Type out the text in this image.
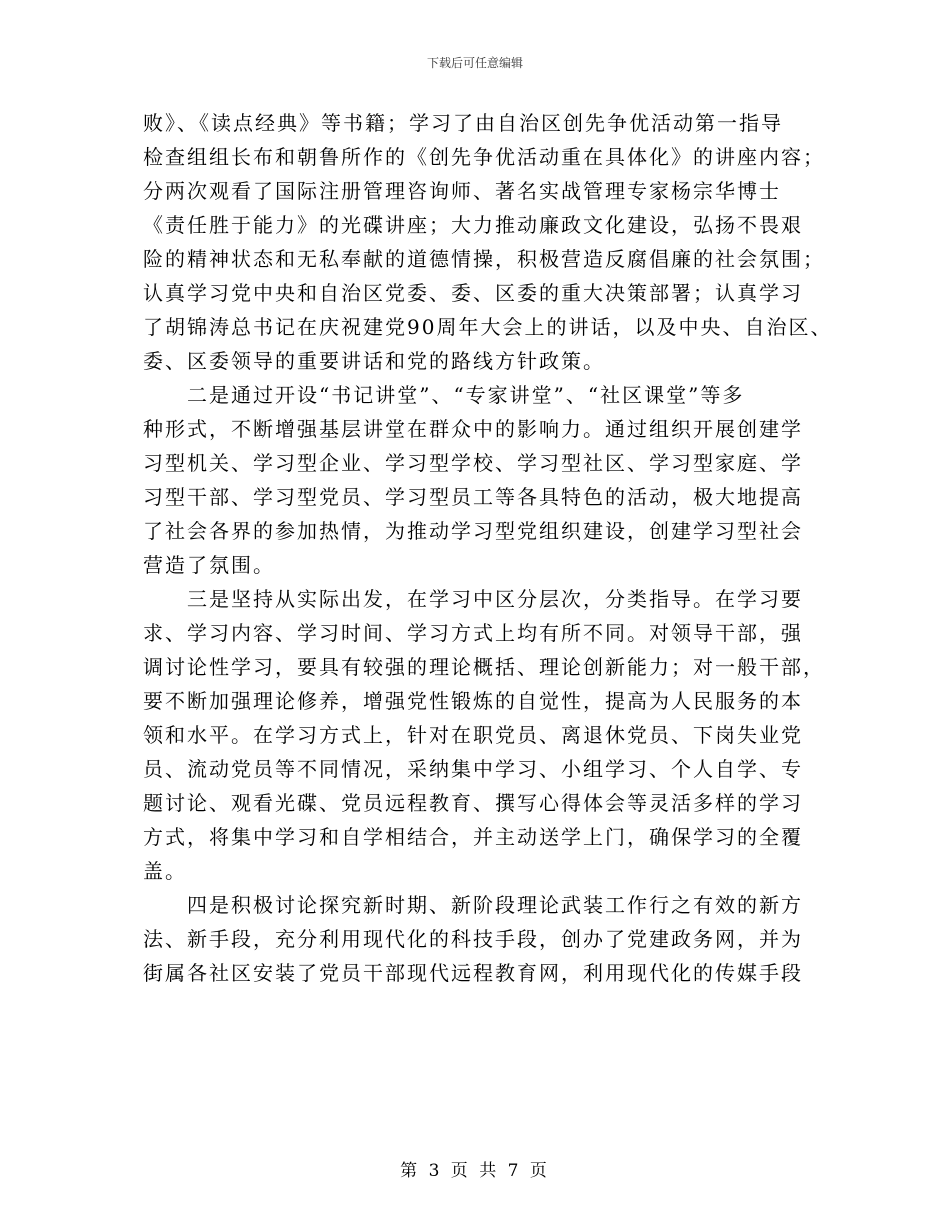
下载后可任意编辑
败》、《读点经典》等书籍；学习了由自治区创先争优活动第一指导
检查组组长布和朝鲁所作的《创先争优活动重在具体化》的讲座内容；
分两次观看了国际注册管理咨询师、著名实战管理专家杨宗华博士
《责任胜于能力》的光碟讲座；大力推动廉政文化建设，弘扬不畏艰
险的精神状态和无私奉献的道德情操，积极营造反腐倡廉的社会氛围；
认真学习党中央和自治区党委、委、区委的重大决策部署；认真学习
了胡锦涛总书记在庆祝建党90周年大会上的讲话，以及中央、自治区、
委、区委领导的重要讲话和党的路线方针政策。
二是通过开设“书记讲堂”、“专家讲堂”、“社区课堂”等多
种形式，不断增强基层讲堂在群众中的影响力。通过组织开展创建学
习型机关、学习型企业、学习型学校、学习型社区、学习型家庭、学
习型干部、学习型党员、学习型员工等各具特色的活动，极大地提高
了社会各界的参加热情，为推动学习型党组织建设，创建学习型社会
营造了氛围。
三是坚持从实际出发，在学习中区分层次，分类指导。在学习要
求、学习内容、学习时间、学习方式上均有所不同。对领导干部，强
调讨论性学习，要具有较强的理论概括、理论创新能力；对一般干部，
要不断加强理论修养，增强党性锻炼的自觉性，提高为人民服务的本
领和水平。在学习方式上，针对在职党员、离退休党员、下岗失业党
员、流动党员等不同情况，采纳集中学习、小组学习、个人自学、专
题讨论、观看光碟、党员远程教育、撰写心得体会等灵活多样的学习
方式，将集中学习和自学相结合，并主动送学上门，确保学习的全覆
盖。
四是积极讨论探究新时期、新阶段理论武装工作行之有效的新方
法、新手段，充分利用现代化的科技手段，创办了党建政务网，并为
街属各社区安装了党员干部现代远程教育网，利用现代化的传媒手段
第 3 页 共 7 页
